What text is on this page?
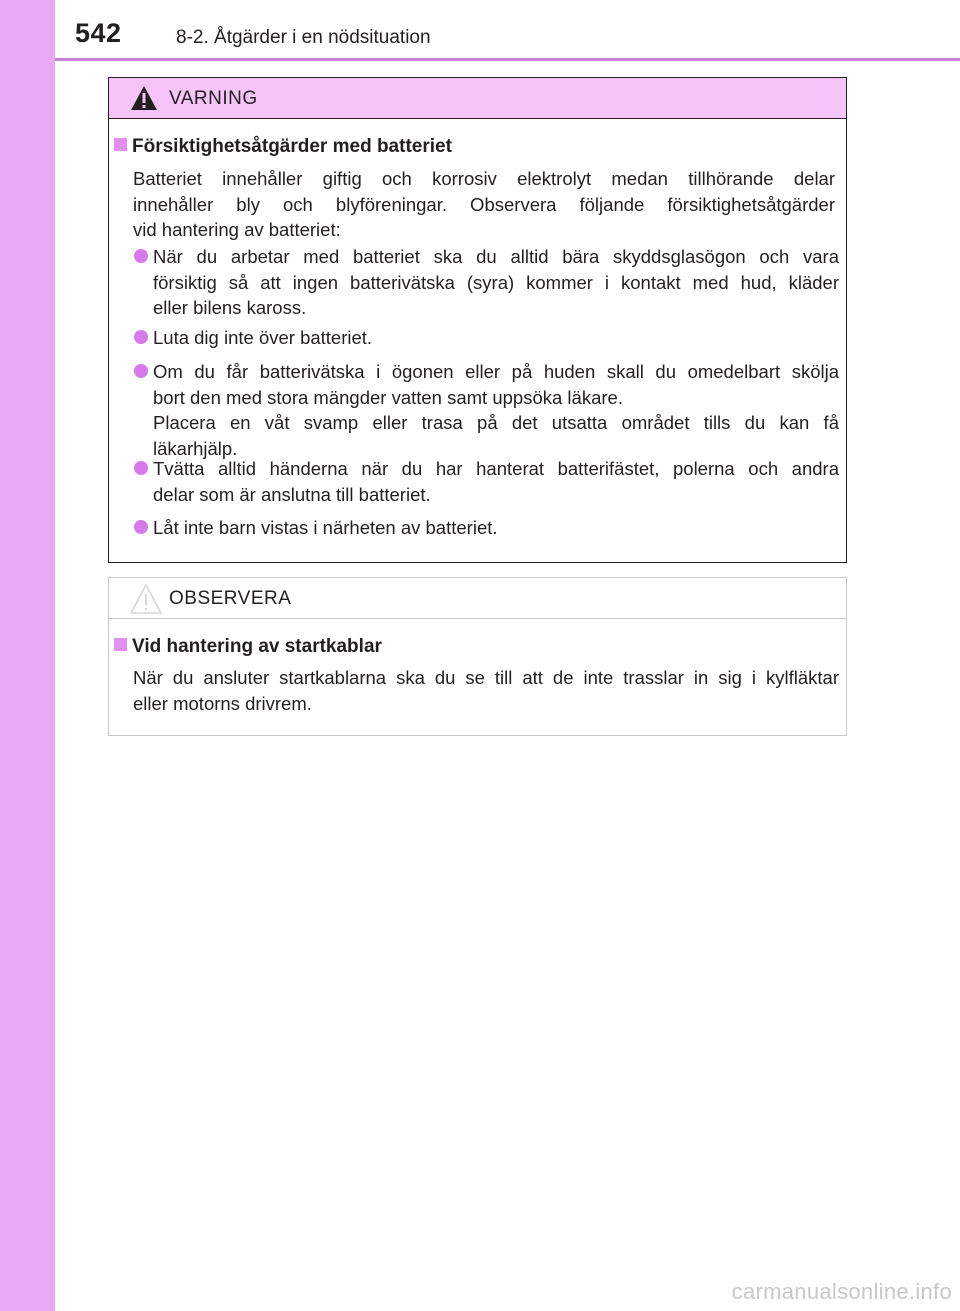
542	8-2. Åtgärder i en nödsituation
VARNING
Försiktighetsåtgärder med batteriet
Batteriet innehåller giftig och korrosiv elektrolyt medan tillhörande delar
innehåller bly och blyföreningar. Observera följande försiktighetsåtgärder
vid hantering av batteriet:
När du arbetar med batteriet ska du alltid bära skyddsglasögon och vara
försiktig så att ingen batterivätska (syra) kommer i kontakt med hud, kläder
eller bilens kaross.
Luta dig inte över batteriet.
Om du får batterivätska i ögonen eller på huden skall du omedelbart skölja
bort den med stora mängder vatten samt uppsöka läkare.
Placera en våt svamp eller trasa på det utsatta området tills du kan få
läkarhjälp.
Tvätta alltid händerna när du har hanterat batterifästet, polerna och andra
delar som är anslutna till batteriet.
Låt inte barn vistas i närheten av batteriet.
OBSERVERA
Vid hantering av startkablar
När du ansluter startkablarna ska du se till att de inte trasslar in sig i kylfläktar
eller motorns drivrem.
carmanualsonline.info
